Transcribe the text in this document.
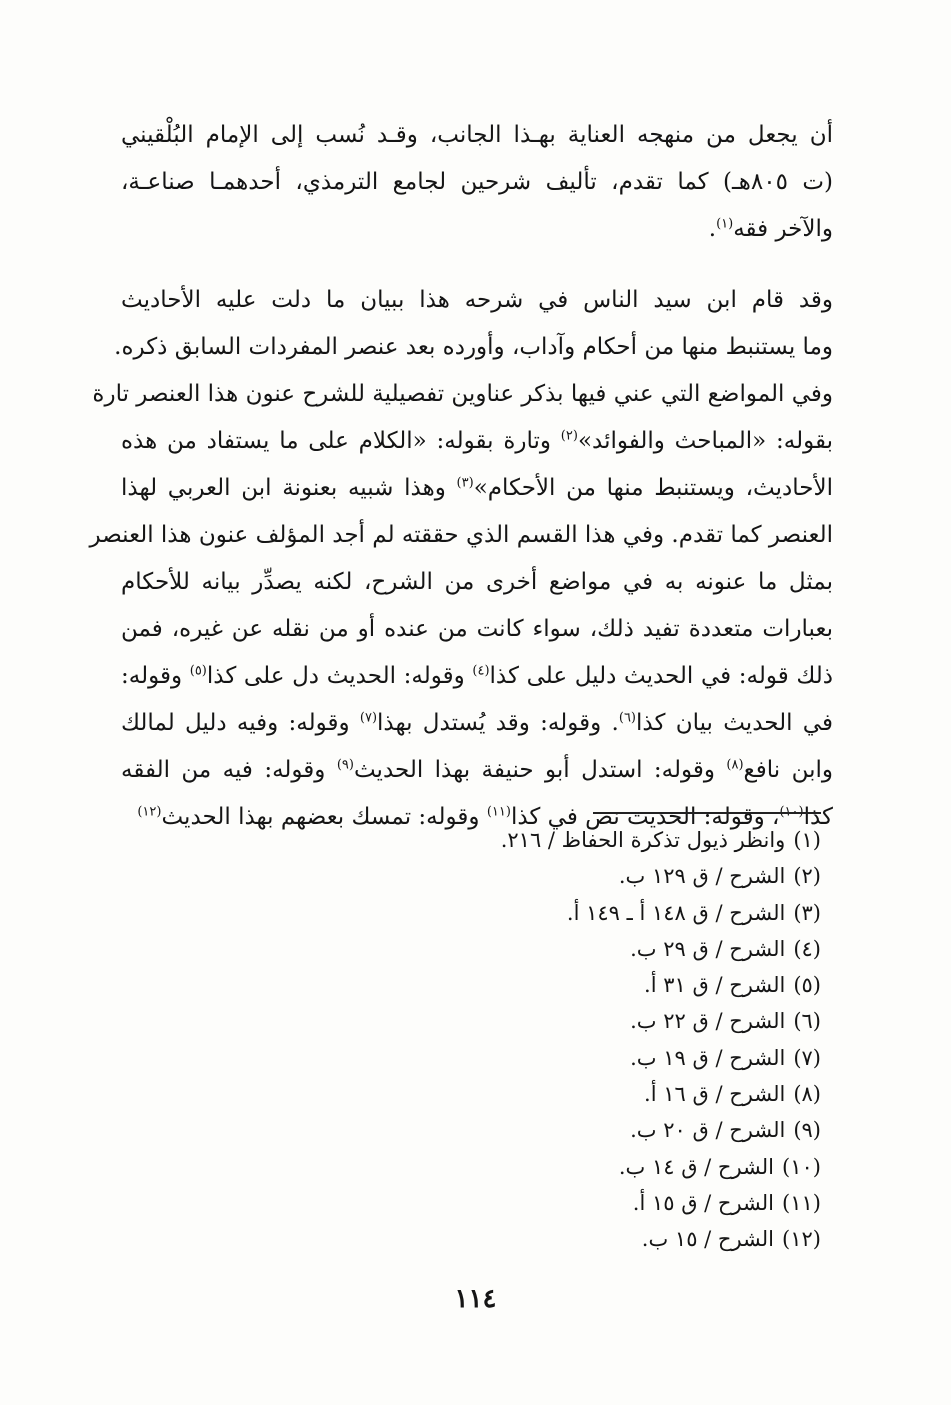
أن يجعل من منهجه العناية بهـذا الجانب، وقـد نُسب إلى الإمام البُلْقيني
(ت ٨٠٥هـ) كما تقدم، تأليف شرحين لجامع الترمذي، أحدهمـا صناعـة،
والآخر فقه$^{(١)}$.

وقد قام ابن سيد الناس في شرحه هذا ببيان ما دلت عليه الأحاديث
وما يستنبط منها من أحكام وآداب، وأورده بعد عنصر المفردات السابق ذكره.
وفي المواضع التي عني فيها بذكر عناوين تفصيلية للشرح عنون هذا العنصر تارة
بقوله: «المباحث والفوائد»$^{(٢)}$ وتارة بقوله: «الكلام على ما يستفاد من هذه
الأحاديث، ويستنبط منها من الأحكام»$^{(٣)}$ وهذا شبيه بعنونة ابن العربي لهذا
العنصر كما تقدم. وفي هذا القسم الذي حققته لم أجد المؤلف عنون هذا العنصر
بمثل ما عنونه به في مواضع أخرى من الشرح، لكنه يصدِّر بيانه للأحكام
بعبارات متعددة تفيد ذلك، سواء كانت من عنده أو من نقله عن غيره، فمن
ذلك قوله: في الحديث دليل على كذا$^{(٤)}$ وقوله: الحديث دل على كذا$^{(٥)}$ وقوله:
في الحديث بيان كذا$^{(٦)}$. وقوله: وقد يُستدل بهذا$^{(٧)}$ وقوله: وفيه دليل لمالك
وابن نافع$^{(٨)}$ وقوله: استدل أبو حنيفة بهذا الحديث$^{(٩)}$ وقوله: فيه من الفقه
كذا$^{(١٠)}$، وقوله: الحديث نص في كذا$^{(١١)}$ وقوله: تمسك بعضهم بهذا الحديث$^{(١٢)}$

(١)وانظر ذيول تذكرة الحفاظ / ٢١٦.
(٢)الشرح / ق ١٢٩ ب.
(٣)الشرح / ق ١٤٨ أ ـ ١٤٩ أ.
(٤)الشرح / ق ٢٩ ب.
(٥)الشرح / ق ٣١ أ.
(٦)الشرح / ق ٢٢ ب.
(٧)الشرح / ق ١٩ ب.
(٨)الشرح / ق ١٦ أ.
(٩)الشرح / ق ٢٠ ب.
(١٠)الشرح / ق ١٤ ب.
(١١)الشرح / ق ١٥ أ.
(١٢)الشرح / ١٥ ب.
١١٤
